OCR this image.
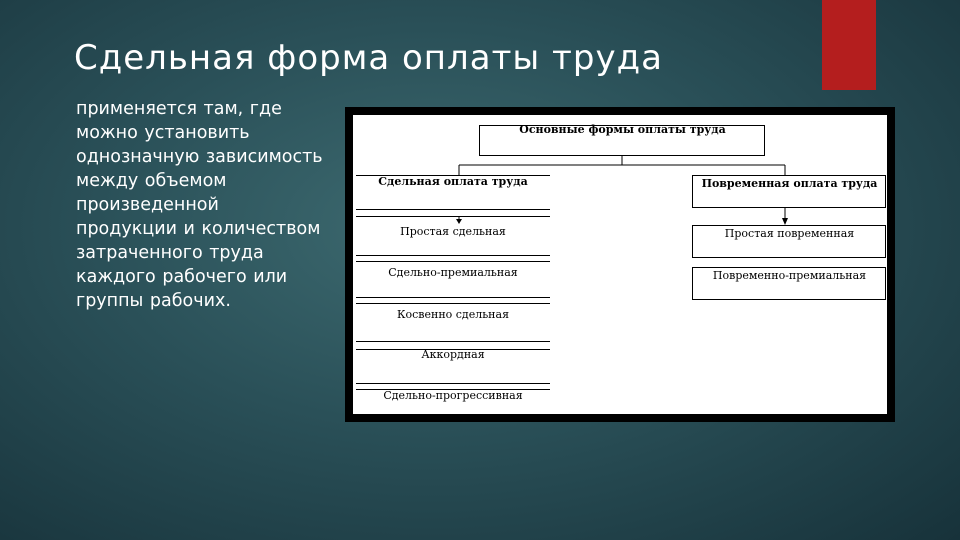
Сдельная форма оплаты труда

применяется там, где можно установить однозначную зависимость между объемом произведенной продукции и количеством затраченного труда каждого рабочего или группы рабочих.

Основные формы оплаты труда
Сдельная оплата труда
Простая сдельная
Сдельно-премиальная
Косвенно сдельная
Аккордная
Сдельно-прогрессивная
Повременная оплата труда
Простая повременная
Повременно-премиальная
